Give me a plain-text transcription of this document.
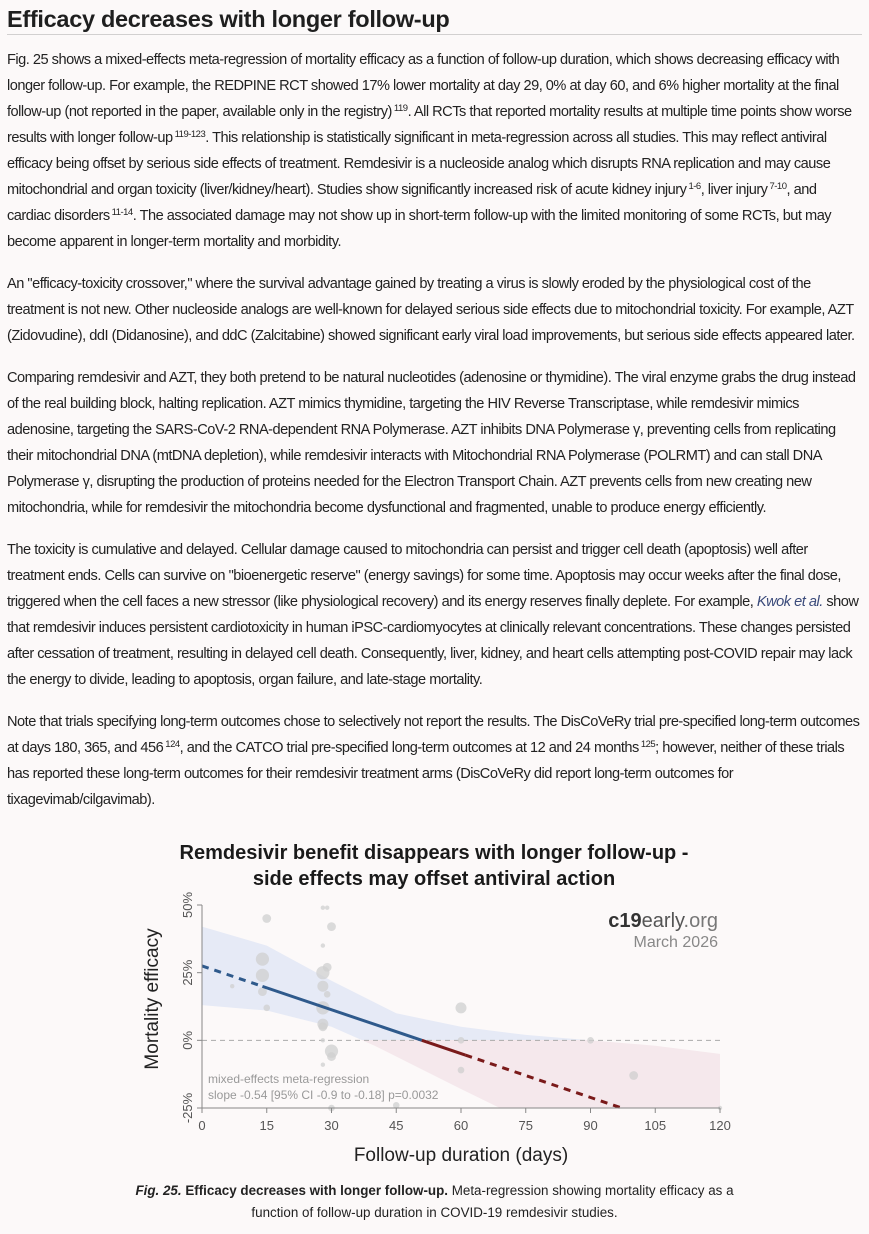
Efficacy decreases with longer follow-up

Fig. 25 shows a mixed-effects meta-regression of mortality efficacy as a function of follow-up duration, which shows decreasing efficacy with longer follow-up. For example, the REDPINE RCT showed 17% lower mortality at day 29, 0% at day 60, and 6% higher mortality at the final follow-up (not reported in the paper, available only in the registry) $^{119}$. All RCTs that reported mortality results at multiple time points show worse results with longer follow-up $^{119-123}$. This relationship is statistically significant in meta-regression across all studies. This may reflect antiviral efficacy being offset by serious side effects of treatment. Remdesivir is a nucleoside analog which disrupts RNA replication and may cause mitochondrial and organ toxicity (liver/kidney/heart). Studies show significantly increased risk of acute kidney injury $^{1-6}$, liver injury $^{7-10}$, and cardiac disorders $^{11-14}$. The associated damage may not show up in short-term follow-up with the limited monitoring of some RCTs, but may become apparent in longer-term mortality and morbidity.

An "efficacy-toxicity crossover," where the survival advantage gained by treating a virus is slowly eroded by the physiological cost of the treatment is not new. Other nucleoside analogs are well-known for delayed serious side effects due to mitochondrial toxicity. For example, AZT (Zidovudine), ddI (Didanosine), and ddC (Zalcitabine) showed significant early viral load improvements, but serious side effects appeared later.

Comparing remdesivir and AZT, they both pretend to be natural nucleotides (adenosine or thymidine). The viral enzyme grabs the drug instead of the real building block, halting replication. AZT mimics thymidine, targeting the HIV Reverse Transcriptase, while remdesivir mimics adenosine, targeting the SARS-CoV-2 RNA-dependent RNA Polymerase. AZT inhibits DNA Polymerase γ, preventing cells from replicating their mitochondrial DNA (mtDNA depletion), while remdesivir interacts with Mitochondrial RNA Polymerase (POLRMT) and can stall DNA Polymerase γ, disrupting the production of proteins needed for the Electron Transport Chain. AZT prevents cells from new creating new mitochondria, while for remdesivir the mitochondria become dysfunctional and fragmented, unable to produce energy efficiently.

The toxicity is cumulative and delayed. Cellular damage caused to mitochondria can persist and trigger cell death (apoptosis) well after treatment ends. Cells can survive on "bioenergetic reserve" (energy savings) for some time. Apoptosis may occur weeks after the final dose, triggered when the cell faces a new stressor (like physiological recovery) and its energy reserves finally deplete. For example, Kwok et al. show that remdesivir induces persistent cardiotoxicity in human iPSC-cardiomyocytes at clinically relevant concentrations. These changes persisted after cessation of treatment, resulting in delayed cell death. Consequently, liver, kidney, and heart cells attempting post-COVID repair may lack the energy to divide, leading to apoptosis, organ failure, and late-stage mortality.

Note that trials specifying long-term outcomes chose to selectively not report the results. The DisCoVeRy trial pre-specified long-term outcomes at days 180, 365, and 456 $^{124}$, and the CATCO trial pre-specified long-term outcomes at 12 and 24 months $^{125}$; however, neither of these trials has reported these long-term outcomes for their remdesivir treatment arms (DisCoVeRy did report long-term outcomes for tixagevimab/cilgavimab).

Remdesivir benefit disappears with longer follow-up -
side effects may offset antiviral action
0	15	30	45	60	75	90	105	120
-25%
0%
25%
50%
c19early.org
March 2026
mixed-effects meta-regression
slope -0.54 [95% CI -0.9 to -0.18] p=0.0032
Mortality efficacy
Follow-up duration (days)
Fig. 25. Efficacy decreases with longer follow-up. Meta-regression showing mortality efficacy as a function of follow-up duration in COVID-19 remdesivir studies.
